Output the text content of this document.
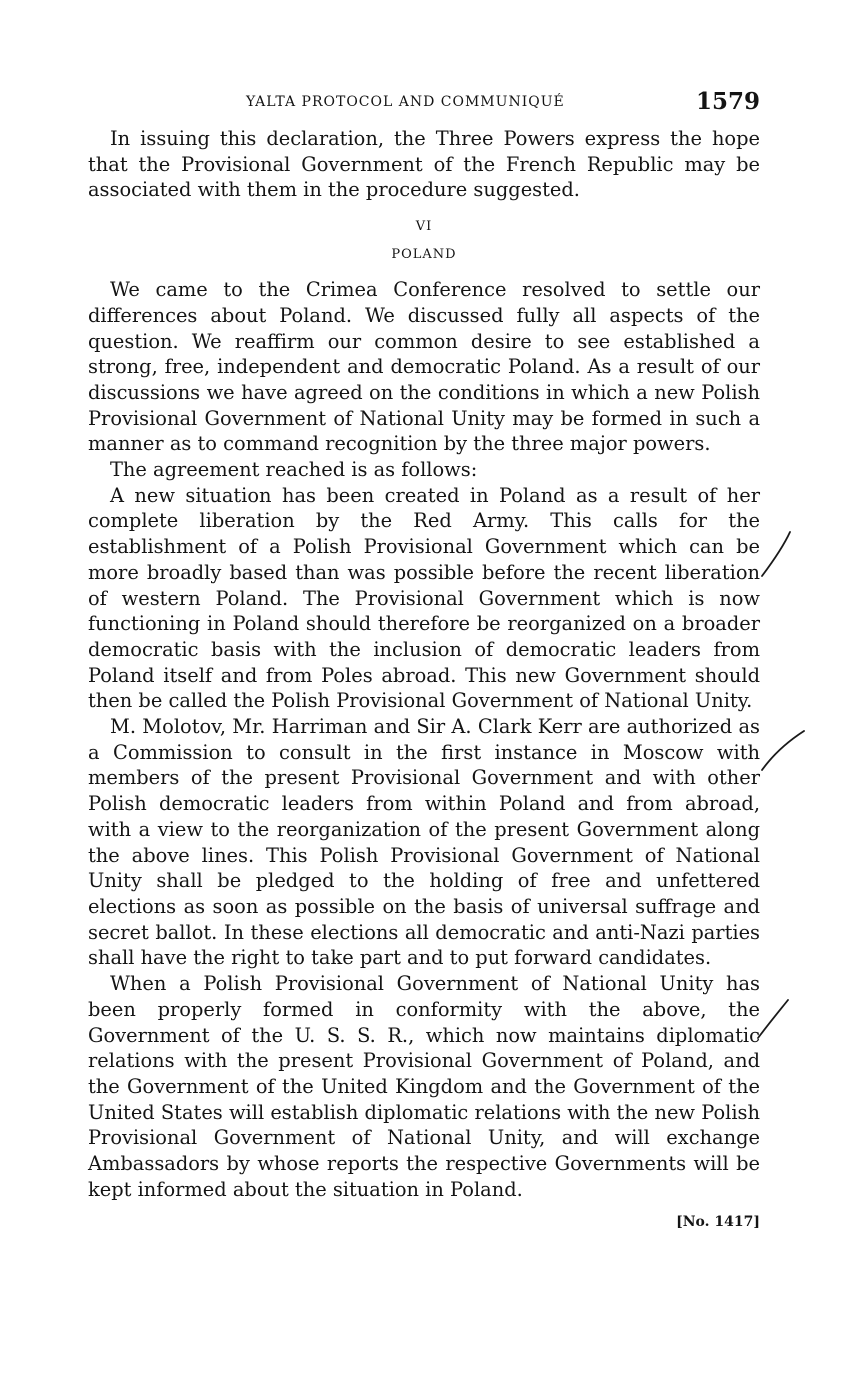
YALTA PROTOCOL AND COMMUNIQUÉ	1579

In issuing this declaration, the Three Powers express the hope that the Provisional Government of the French Republic may be associated with them in the procedure suggested.

VI
POLAND

We came to the Crimea Conference resolved to settle our differences about Poland. We discussed fully all aspects of the question. We reaffirm our common desire to see established a strong, free, independent and democratic Poland. As a result of our discussions we have agreed on the conditions in which a new Polish Provisional Government of National Unity may be formed in such a manner as to command recognition by the three major powers.

The agreement reached is as follows:

A new situation has been created in Poland as a result of her complete liberation by the Red Army. This calls for the establishment of a Polish Provisional Government which can be more broadly based than was possible before the recent liberation of western Poland. The Provisional Government which is now functioning in Poland should therefore be reorganized on a broader democratic basis with the inclusion of democratic leaders from Poland itself and from Poles abroad. This new Government should then be called the Polish Provisional Government of National Unity.

M. Molotov, Mr. Harriman and Sir A. Clark Kerr are authorized as a Commission to consult in the first instance in Moscow with members of the present Provisional Government and with other Polish democratic leaders from within Poland and from abroad, with a view to the reorganization of the present Government along the above lines. This Polish Provisional Government of National Unity shall be pledged to the holding of free and unfettered elections as soon as possible on the basis of universal suffrage and secret ballot. In these elections all democratic and anti-Nazi parties shall have the right to take part and to put forward candidates.

When a Polish Provisional Government of National Unity has been properly formed in conformity with the above, the Government of the U. S. S. R., which now maintains diplomatic relations with the present Provisional Government of Poland, and the Government of the United Kingdom and the Government of the United States will establish diplomatic relations with the new Polish Provisional Government of National Unity, and will exchange Ambassadors by whose reports the respective Governments will be kept informed about the situation in Poland.

[No. 1417]
